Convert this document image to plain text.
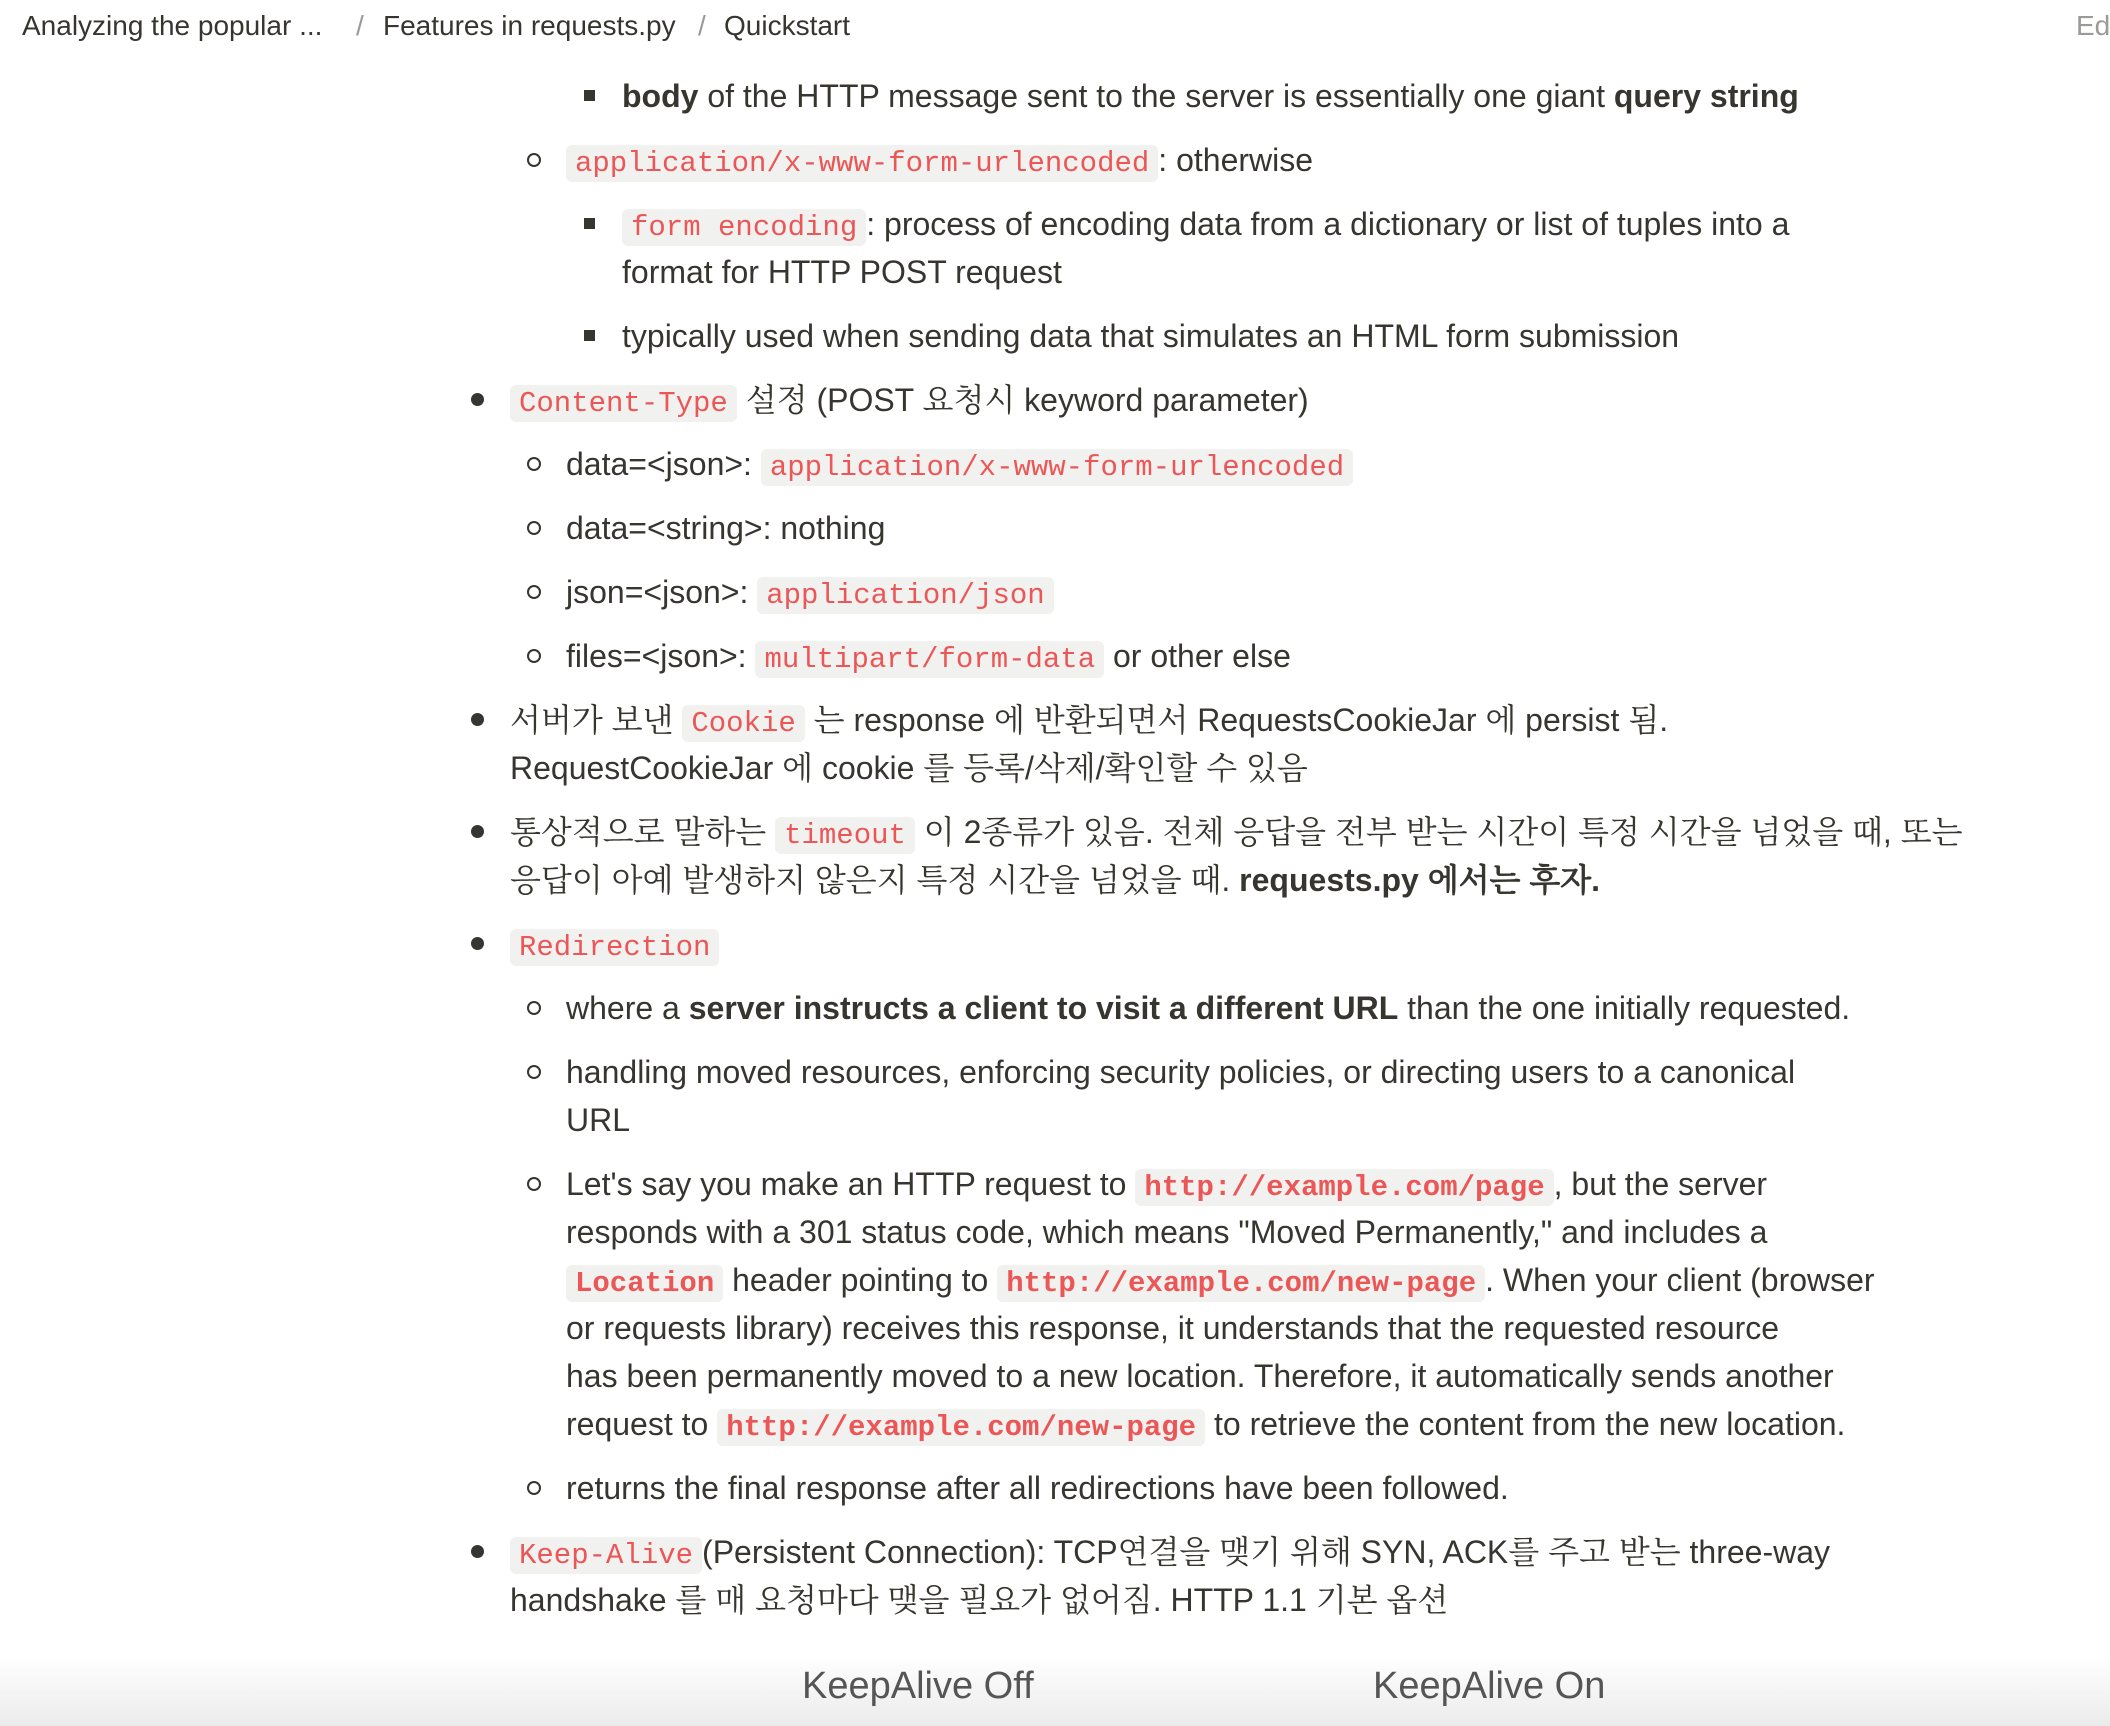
Analyzing the popular ... / Features in requests.py / Quickstart	Ed
body of the HTTP message sent to the server is essentially one giant query string
application/x-www-form-urlencoded : otherwise
form encoding : process of encoding data from a dictionary or list of tuples into a
format for HTTP POST request
typically used when sending data that simulates an HTML form submission
Content-Type 설정 (POST 요청시 keyword parameter)
data=<json>: application/x-www-form-urlencoded
data=<string>: nothing
json=<json>: application/json
files=<json>: multipart/form-data or other else
서버가 보낸 Cookie 는 response 에 반환되면서 RequestsCookieJar 에 persist 됨.
RequestCookieJar 에 cookie 를 등록/삭제/확인할 수 있음
통상적으로 말하는 timeout 이 2종류가 있음. 전체 응답을 전부 받는 시간이 특정 시간을 넘었을 때, 또는
응답이 아예 발생하지 않은지 특정 시간을 넘었을 때. requests.py 에서는 후자.
Redirection
where a server instructs a client to visit a different URL than the one initially requested.
handling moved resources, enforcing security policies, or directing users to a canonical
URL
Let's say you make an HTTP request to http://example.com/page , but the server
responds with a 301 status code, which means "Moved Permanently," and includes a
Location header pointing to http://example.com/new-page . When your client (browser
or requests library) receives this response, it understands that the requested resource
has been permanently moved to a new location. Therefore, it automatically sends another
request to http://example.com/new-page to retrieve the content from the new location.
returns the final response after all redirections have been followed.
Keep-Alive (Persistent Connection): TCP연결을 맺기 위해 SYN, ACK를 주고 받는 three-way
handshake 를 매 요청마다 맺을 필요가 없어짐. HTTP 1.1 기본 옵션
KeepAlive Off	KeepAlive On
